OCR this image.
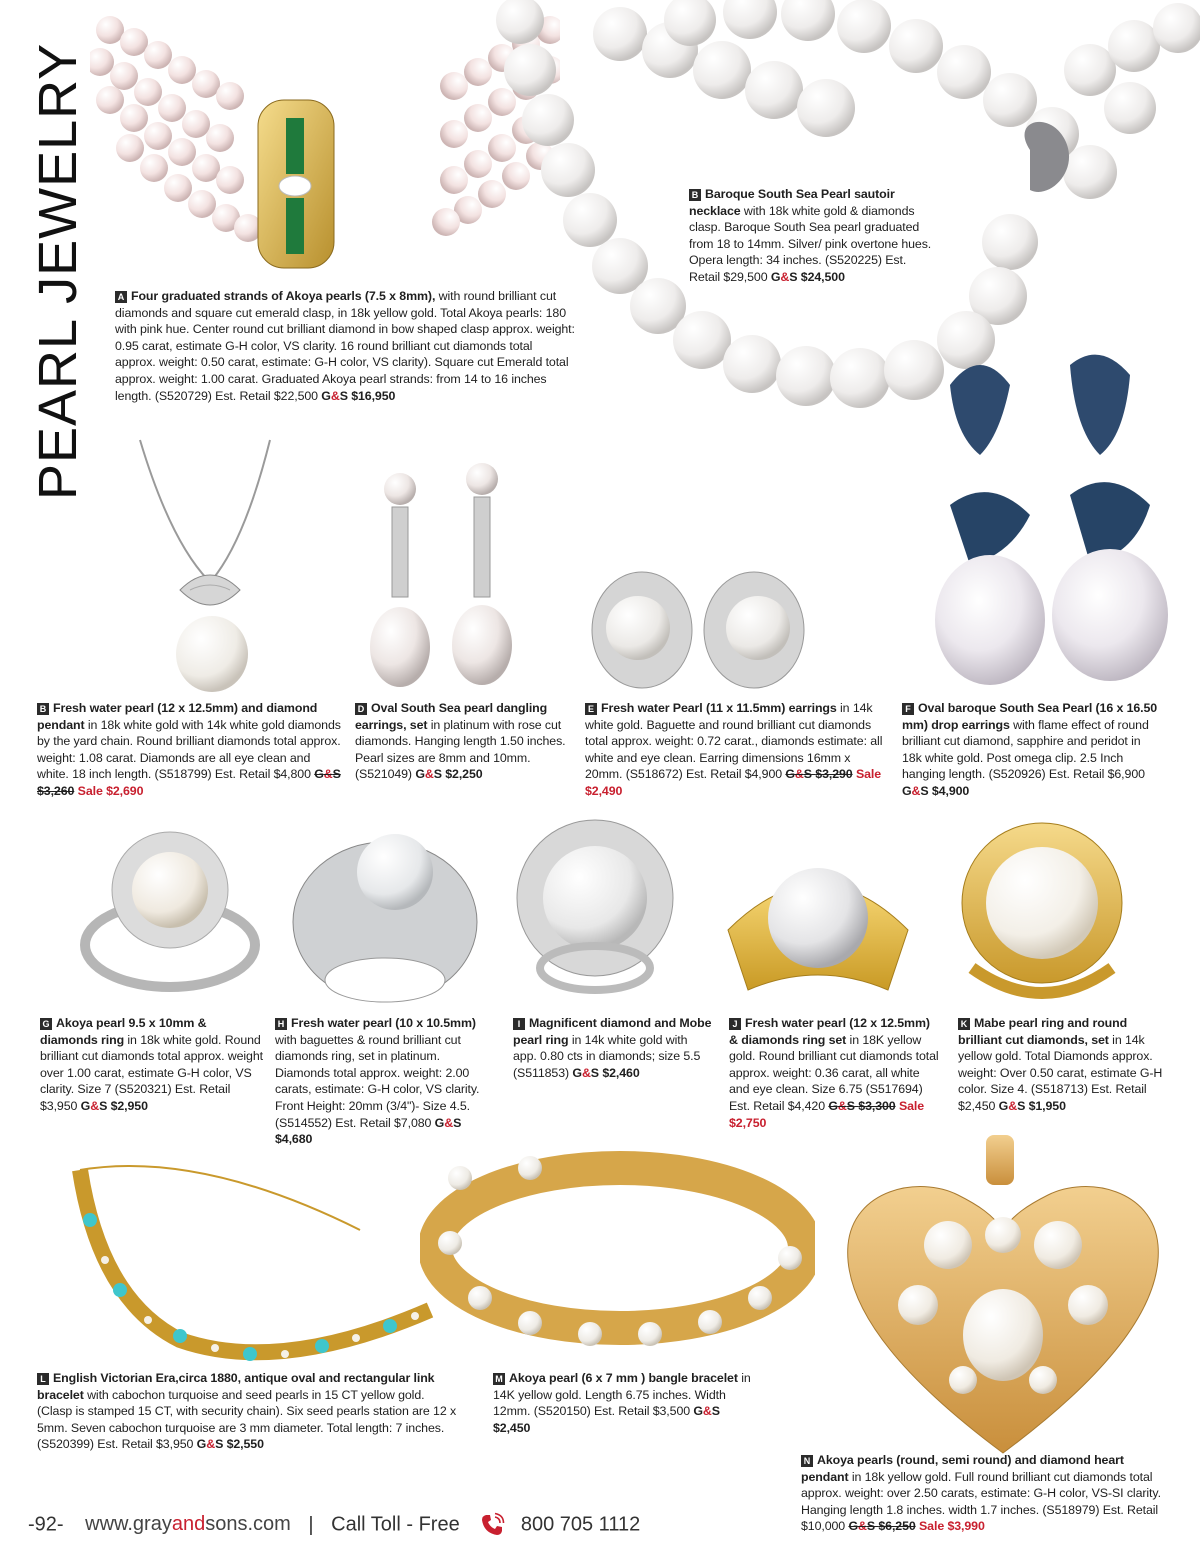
PEARL JEWELRY	A Four graduated strands of Akoya pearls (7.5 x 8mm), with round brilliant cut diamonds and square cut emerald clasp, in 18k yellow gold. Total Akoya pearls: 180 with pink hue. Center round cut brilliant diamond in bow shaped clasp approx. weight: 0.95 carat, estimate G-H color, VS clarity. 16 round brilliant cut diamonds total approx. weight: 0.50 carat, estimate: G-H color, VS clarity). Square cut Emerald total approx. weight: 1.00 carat. Graduated Akoya pearl strands: from 14 to 16 inches length. (S520729) Est. Retail $22,500 G&S $16,950
B Baroque South Sea Pearl sautoir necklace with 18k white gold & diamonds clasp. Baroque South Sea pearl graduated from 18 to 14mm. Silver/ pink overtone hues. Opera length: 34 inches. (S520225) Est. Retail $29,500 G&S $24,500
B Fresh water pearl (12 x 12.5mm) and diamond pendant in 18k white gold with 14k white gold diamonds by the yard chain. Round brilliant diamonds total approx. weight: 1.08 carat. Diamonds are all eye clean and white. 18 inch length. (S518799) Est. Retail $4,800 G&S $3,260 Sale $2,690
D Oval South Sea pearl dangling earrings, set in platinum with rose cut diamonds. Hanging length 1.50 inches. Pearl sizes are 8mm and 10mm. (S521049) G&S $2,250
E Fresh water Pearl (11 x 11.5mm) earrings in 14k white gold. Baguette and round brilliant cut diamonds total approx. weight: 0.72 carat., diamonds estimate: all white and eye clean. Earring dimensions 16mm x 20mm. (S518672) Est. Retail $4,900 G&S $3,290 Sale $2,490
F Oval baroque South Sea Pearl (16 x 16.50 mm) drop earrings with flame effect of round brilliant cut diamond, sapphire and peridot in 18k white gold. Post omega clip. 2.5 Inch hanging length. (S520926) Est. Retail $6,900 G&S $4,900
G Akoya pearl 9.5 x 10mm & diamonds ring in 18k white gold. Round brilliant cut diamonds total approx. weight over 1.00 carat, estimate G-H color, VS clarity. Size 7 (S520321) Est. Retail $3,950 G&S $2,950
H Fresh water pearl (10 x 10.5mm) with baguettes & round brilliant cut diamonds ring, set in platinum. Diamonds total approx. weight: 2.00 carats, estimate: G-H color, VS clarity. Front Height: 20mm (3/4")- Size 4.5. (S514552) Est. Retail $7,080 G&S $4,680
I Magnificent diamond and Mobe pearl ring in 14k white gold with app. 0.80 cts in diamonds; size 5.5 (S511853) G&S $2,460
J Fresh water pearl (12 x 12.5mm) & diamonds ring set in 18K yellow gold. Round brilliant cut diamonds total approx. weight: 0.36 carat, all white and eye clean. Size 6.75 (S517694) Est. Retail $4,420 G&S $3,300 Sale $2,750
K Mabe pearl ring and round brilliant cut diamonds, set in 14k yellow gold. Total Diamonds approx. weight: Over 0.50 carat, estimate G-H color. Size 4. (S518713) Est. Retail $2,450 G&S $1,950
L English Victorian Era,circa 1880, antique oval and rectangular link bracelet with cabochon turquoise and seed pearls in 15 CT yellow gold. (Clasp is stamped 15 CT, with security chain). Six seed pearls station are 12 x 5mm. Seven cabochon turquoise are 3 mm diameter. Total length: 7 inches. (S520399) Est. Retail $3,950 G&S $2,550
M Akoya pearl (6 x 7 mm ) bangle bracelet in 14K yellow gold. Length 6.75 inches. Width 12mm. (S520150) Est. Retail $3,500 G&S $2,450
N Akoya pearls (round, semi round) and diamond heart pendant in 18k yellow gold. Full round brilliant cut diamonds total approx. weight: over 2.50 carats, estimate: G-H color, VS-SI clarity. Hanging length 1.8 inches. width 1.7 inches. (S518979) Est. Retail $10,000 G&S $6,250 Sale $3,990
-92- www.grayandsons.com | Call Toll - Free	800 705 1112
